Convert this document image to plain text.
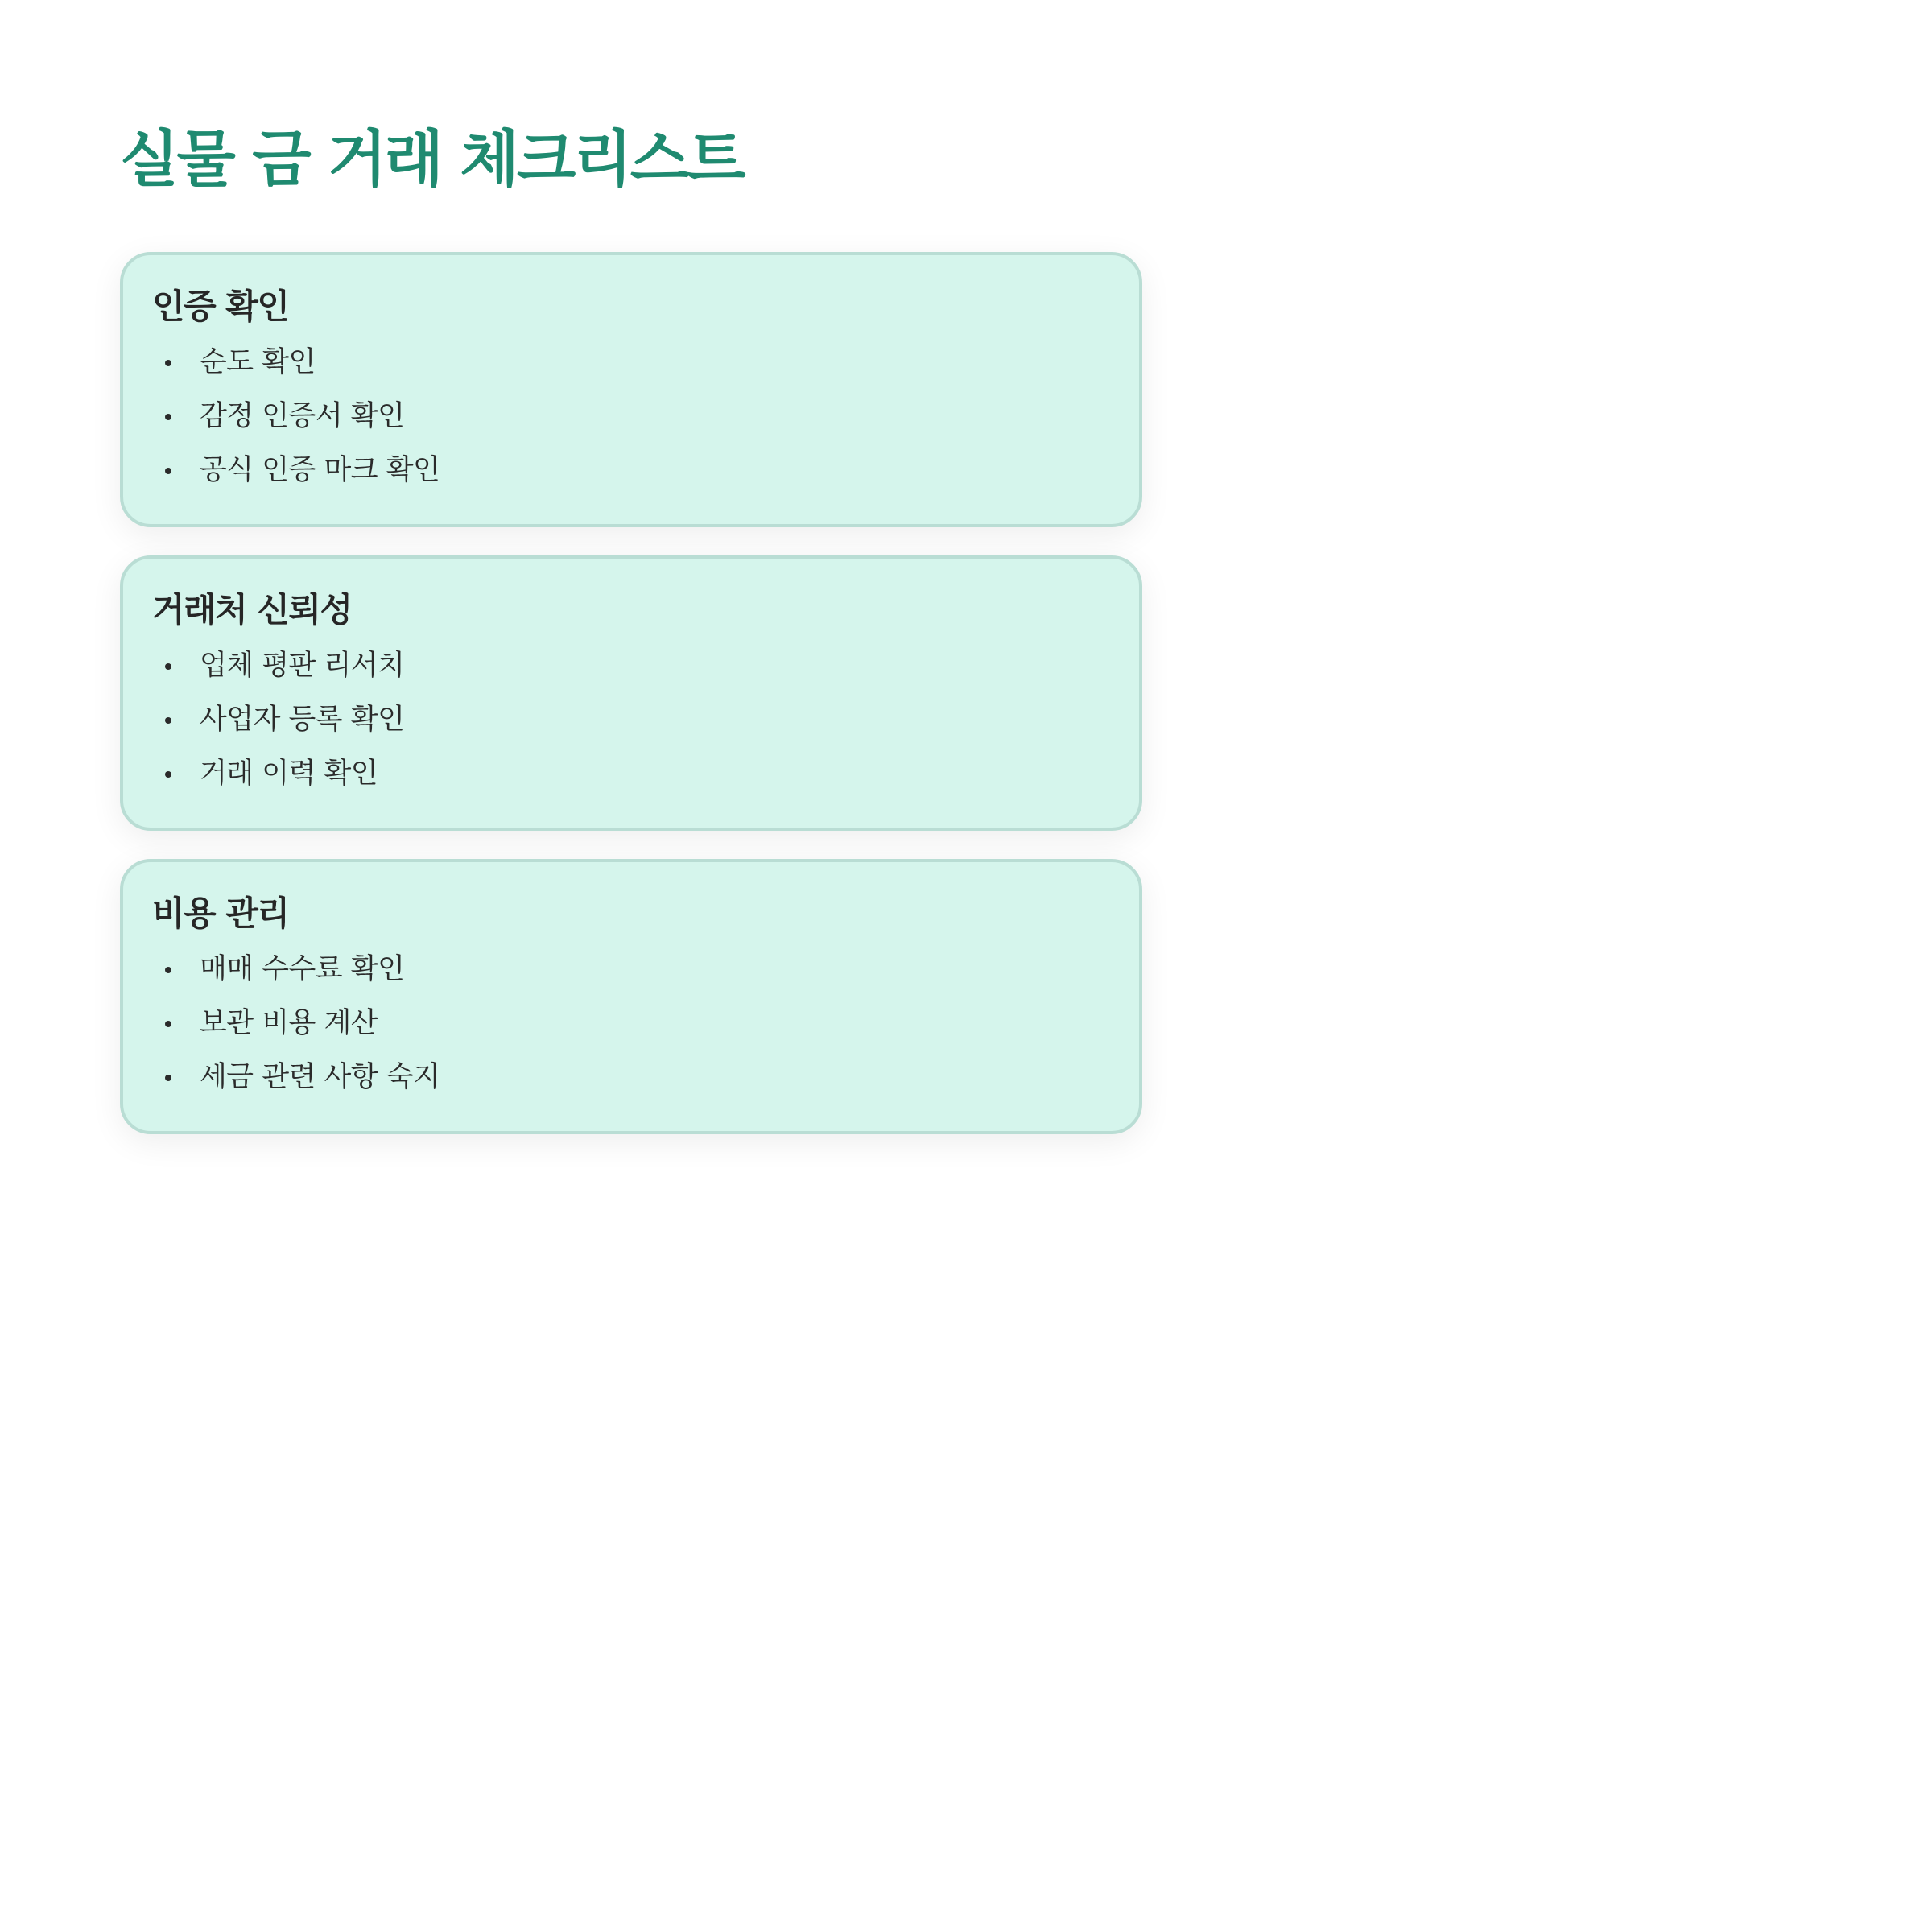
실물 금 거래 체크리스트
인증 확인
순도 확인
감정 인증서 확인
공식 인증 마크 확인
거래처 신뢰성
업체 평판 리서치
사업자 등록 확인
거래 이력 확인
비용 관리
매매 수수료 확인
보관 비용 계산
세금 관련 사항 숙지
